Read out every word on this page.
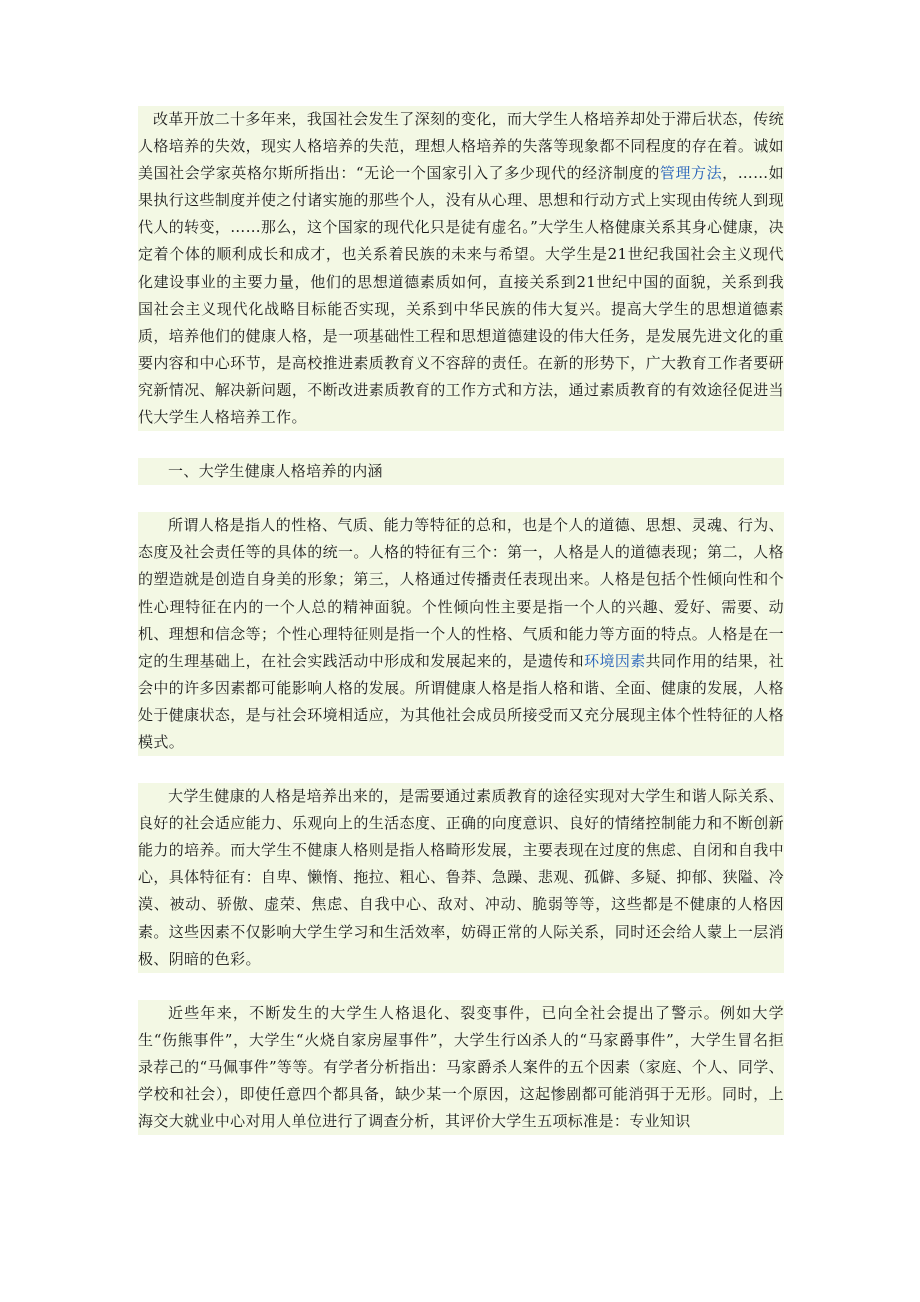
改革开放二十多年来，我国社会发生了深刻的变化，而大学生人格培养却处于滞后状态，传统人格培养的失效，现实人格培养的失范，理想人格培养的失落等现象都不同程度的存在着。诚如美国社会学家英格尔斯所指出：“无论一个国家引入了多少现代的经济制度的管理方法，……如果执行这些制度并使之付诸实施的那些个人，没有从心理、思想和行动方式上实现由传统人到现代人的转变，……那么，这个国家的现代化只是徒有虚名。”大学生人格健康关系其身心健康，决定着个体的顺利成长和成才，也关系着民族的未来与希望。大学生是21世纪我国社会主义现代化建设事业的主要力量，他们的思想道德素质如何，直接关系到21世纪中国的面貌，关系到我国社会主义现代化战略目标能否实现，关系到中华民族的伟大复兴。提高大学生的思想道德素质，培养他们的健康人格，是一项基础性工程和思想道德建设的伟大任务，是发展先进文化的重要内容和中心环节，是高校推进素质教育义不容辞的责任。在新的形势下，广大教育工作者要研究新情况、解决新问题，不断改进素质教育的工作方式和方法，通过素质教育的有效途径促进当代大学生人格培养工作。
一、大学生健康人格培养的内涵
所谓人格是指人的性格、气质、能力等特征的总和，也是个人的道德、思想、灵魂、行为、态度及社会责任等的具体的统一。人格的特征有三个：第一，人格是人的道德表现；第二，人格的塑造就是创造自身美的形象；第三，人格通过传播责任表现出来。人格是包括个性倾向性和个性心理特征在内的一个人总的精神面貌。个性倾向性主要是指一个人的兴趣、爱好、需要、动机、理想和信念等；个性心理特征则是指一个人的性格、气质和能力等方面的特点。人格是在一定的生理基础上，在社会实践活动中形成和发展起来的，是遗传和环境因素共同作用的结果，社会中的许多因素都可能影响人格的发展。所谓健康人格是指人格和谐、全面、健康的发展，人格处于健康状态，是与社会环境相适应，为其他社会成员所接受而又充分展现主体个性特征的人格模式。
大学生健康的人格是培养出来的，是需要通过素质教育的途径实现对大学生和谐人际关系、良好的社会适应能力、乐观向上的生活态度、正确的向度意识、良好的情绪控制能力和不断创新能力的培养。而大学生不健康人格则是指人格畸形发展，主要表现在过度的焦虑、自闭和自我中心，具体特征有：自卑、懒惰、拖拉、粗心、鲁莽、急躁、悲观、孤僻、多疑、抑郁、狭隘、冷漠、被动、骄傲、虚荣、焦虑、自我中心、敌对、冲动、脆弱等等，这些都是不健康的人格因素。这些因素不仅影响大学生学习和生活效率，妨碍正常的人际关系，同时还会给人蒙上一层消极、阴暗的色彩。
近些年来，不断发生的大学生人格退化、裂变事件，已向全社会提出了警示。例如大学生“伤熊事件”，大学生“火烧自家房屋事件”，大学生行凶杀人的“马家爵事件”，大学生冒名拒录荐己的“马佩事件”等等。有学者分析指出：马家爵杀人案件的五个因素（家庭、个人、同学、学校和社会），即使任意四个都具备，缺少某一个原因，这起惨剧都可能消弭于无形。同时，上海交大就业中心对用人单位进行了调查分析，其评价大学生五项标准是：专业知识
